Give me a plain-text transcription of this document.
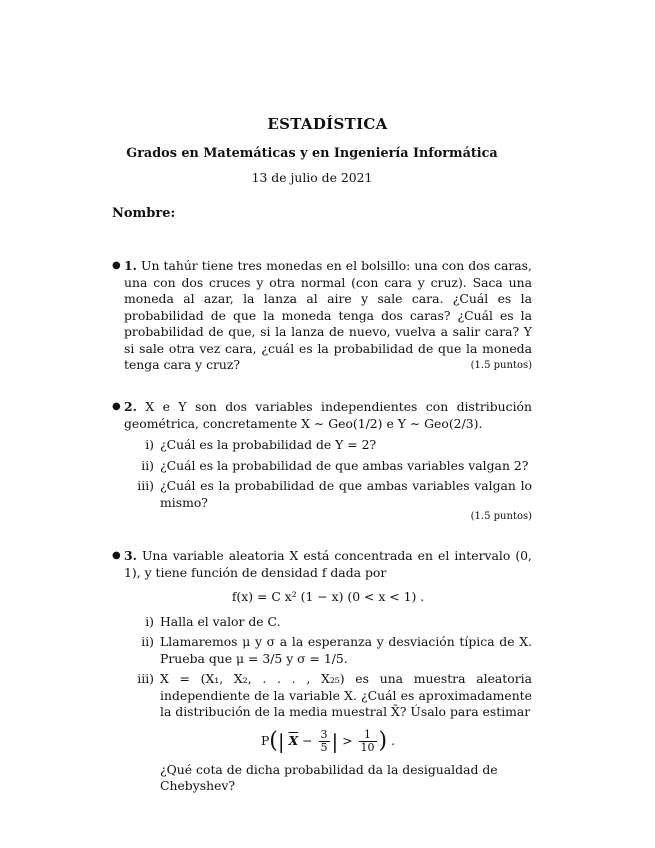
ESTADÍSTICA
Grados en Matemáticas y en Ingeniería Informática
13 de julio de 2021
Nombre:
● 1. Un tahúr tiene tres monedas en el bolsillo: una con dos caras, una con dos cruces y otra normal (con cara y cruz). Saca una moneda al azar, la lanza al aire y sale cara. ¿Cuál es la probabilidad de que la moneda tenga dos caras? ¿Cuál es la probabilidad de que, si la lanza de nuevo, vuelva a salir cara? Y si sale otra vez cara, ¿cuál es la probabilidad de que la moneda tenga cara y cruz?	(1.5 puntos)
● 2. X e Y son dos variables independientes con distribución geométrica, concretamente X ∼ Geo(1/2) e Y ∼ Geo(2/3).
i) ¿Cuál es la probabilidad de Y = 2?
ii) ¿Cuál es la probabilidad de que ambas variables valgan 2?
iii) ¿Cuál es la probabilidad de que ambas variables valgan lo mismo?
(1.5 puntos)
● 3. Una variable aleatoria X está concentrada en el intervalo (0, 1), y tiene función de densidad f dada por
f(x) = C x² (1 − x) (0 < x < 1) .
i) Halla el valor de C.
ii) Llamaremos μ y σ a la esperanza y desviación típica de X. Prueba que μ = 3/5 y σ = 1/5.
iii) X = (X₁, X₂, . . . , X₂₅) es una muestra aleatoria independiente de la variable X. ¿Cuál es aproximadamente la distribución de la media muestral X̄? Úsalo para estimar
P(| $\overline{X} - \frac{3}{5}$ | > $\frac{1}{10}$ ) .
¿Qué cota de dicha probabilidad da la desigualdad de Chebyshev?
